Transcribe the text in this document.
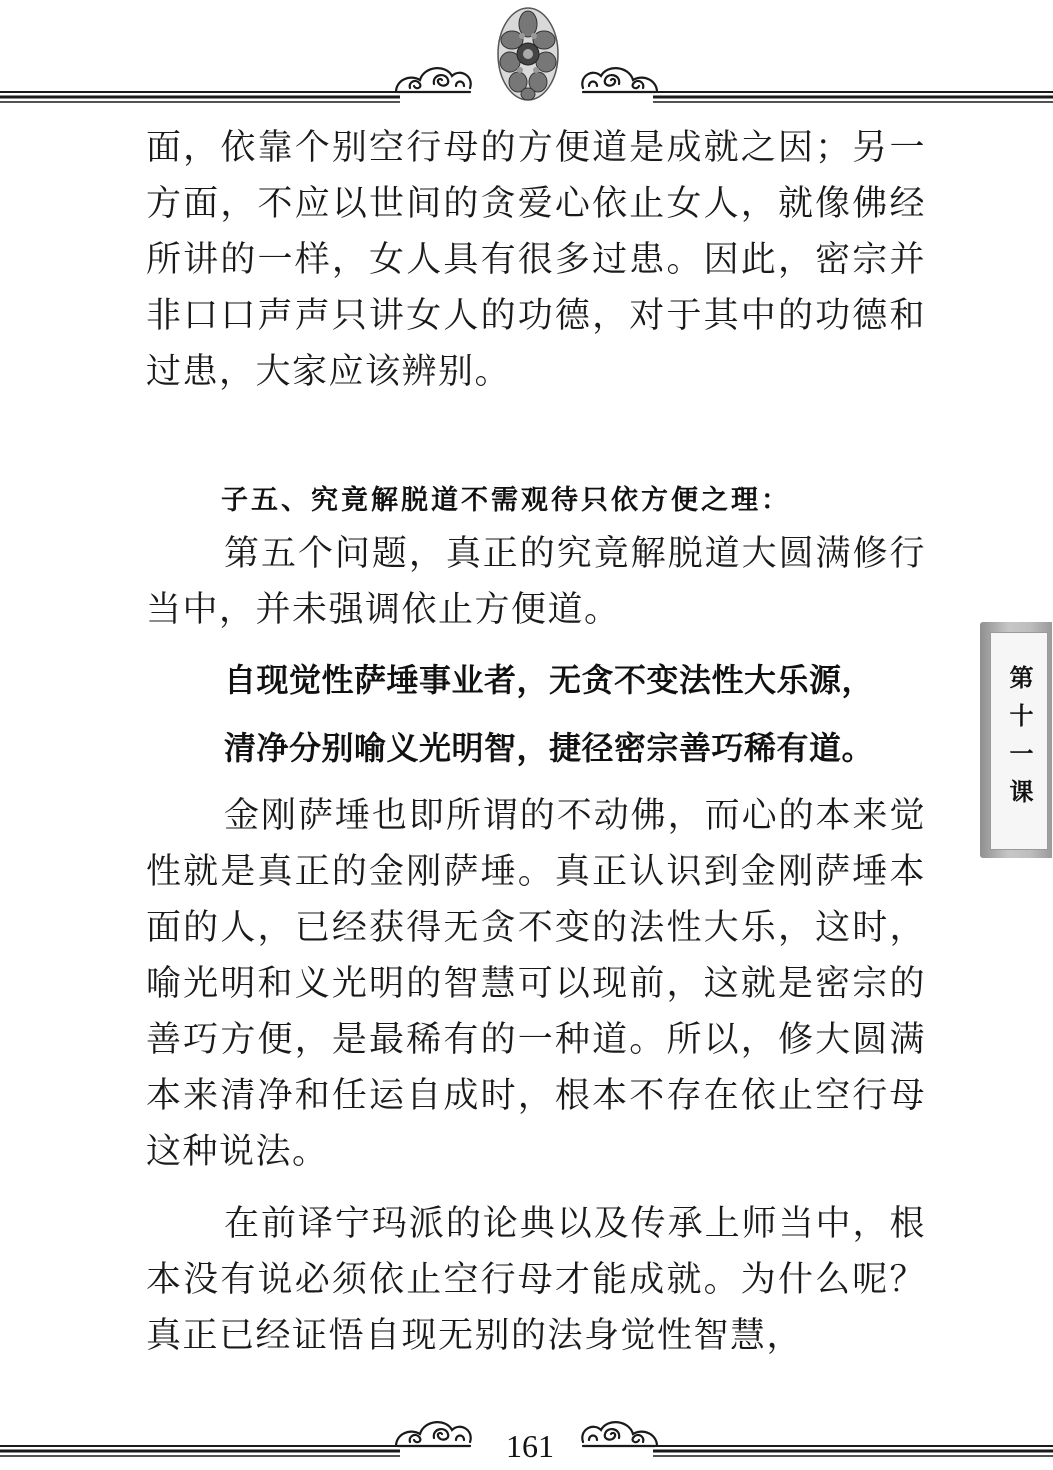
面，依靠个别空行母的方便道是成就之因；另一方面，不应以世间的贪爱心依止女人，就像佛经所讲的一样，女人具有很多过患。因此，密宗并非口口声声只讲女人的功德，对于其中的功德和过患，大家应该辨别。

子五、究竟解脱道不需观待只依方便之理：

第五个问题，真正的究竟解脱道大圆满修行当中，并未强调依止方便道。

自现觉性萨埵事业者，无贪不变法性大乐源，

清净分别喻义光明智，捷径密宗善巧稀有道。

金刚萨埵也即所谓的不动佛，而心的本来觉性就是真正的金刚萨埵。真正认识到金刚萨埵本面的人，已经获得无贪不变的法性大乐，这时，喻光明和义光明的智慧可以现前，这就是密宗的善巧方便，是最稀有的一种道。所以，修大圆满本来清净和任运自成时，根本不存在依止空行母这种说法。

在前译宁玛派的论典以及传承上师当中，根本没有说必须依止空行母才能成就。为什么呢？真正已经证悟自现无别的法身觉性智慧，

第十一课
161
